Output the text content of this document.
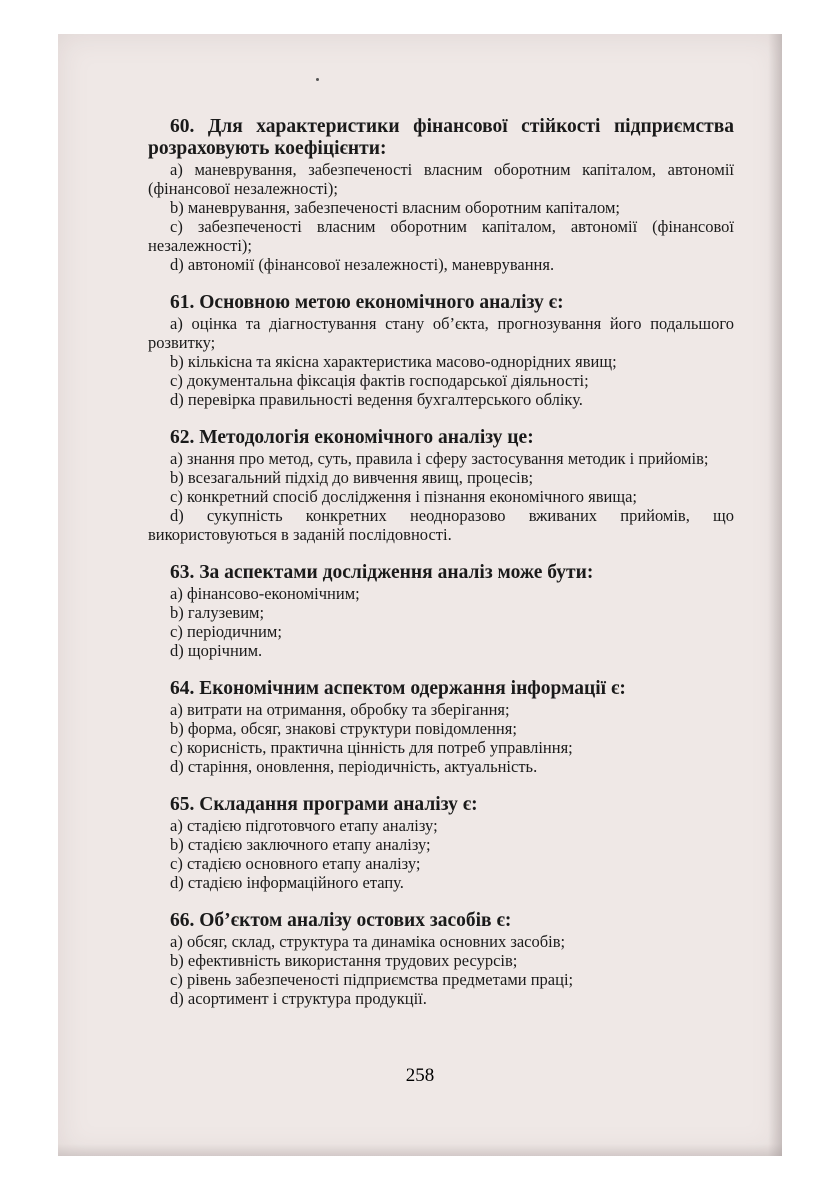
60. Для характеристики фінансової стійкості підприємства розраховують коефіцієнти:
а) маневрування, забезпеченості власним оборотним капіталом, автономії (фінансової незалежності);
b) маневрування, забезпеченості власним оборотним капіталом;
c) забезпеченості власним оборотним капіталом, автономії (фінансової незалежності);
d) автономії (фінансової незалежності), маневрування.
61. Основною метою економічного аналізу є:
а) оцінка та діагностування стану об’єкта, прогнозування його подальшого розвитку;
b) кількісна та якісна характеристика масово-однорідних явищ;
c) документальна фіксація фактів господарської діяльності;
d) перевірка правильності ведення бухгалтерського обліку.
62. Методологія економічного аналізу це:
а) знання про метод, суть, правила і сферу застосування методик і прийомів;
b) всезагальний підхід до вивчення явищ, процесів;
c) конкретний спосіб дослідження і пізнання економічного явища;
d) сукупність конкретних неодноразово вживаних прийомів, що використовуються в заданій послідовності.
63. За аспектами дослідження аналіз може бути:
а) фінансово-економічним;
b) галузевим;
c) періодичним;
d) щорічним.
64. Економічним аспектом одержання інформації є:
а) витрати на отримання, обробку та зберігання;
b) форма, обсяг, знакові структури повідомлення;
c) корисність, практична цінність для потреб управління;
d) старіння, оновлення, періодичність, актуальність.
65. Складання програми аналізу є:
а) стадією підготовчого етапу аналізу;
b) стадією заключного етапу аналізу;
c) стадією основного етапу аналізу;
d) стадією інформаційного етапу.
66. Об’єктом аналізу остових засобів є:
а) обсяг, склад, структура та динаміка основних засобів;
b) ефективність використання трудових ресурсів;
c) рівень забезпеченості підприємства предметами праці;
d) асортимент і структура продукції.
258
